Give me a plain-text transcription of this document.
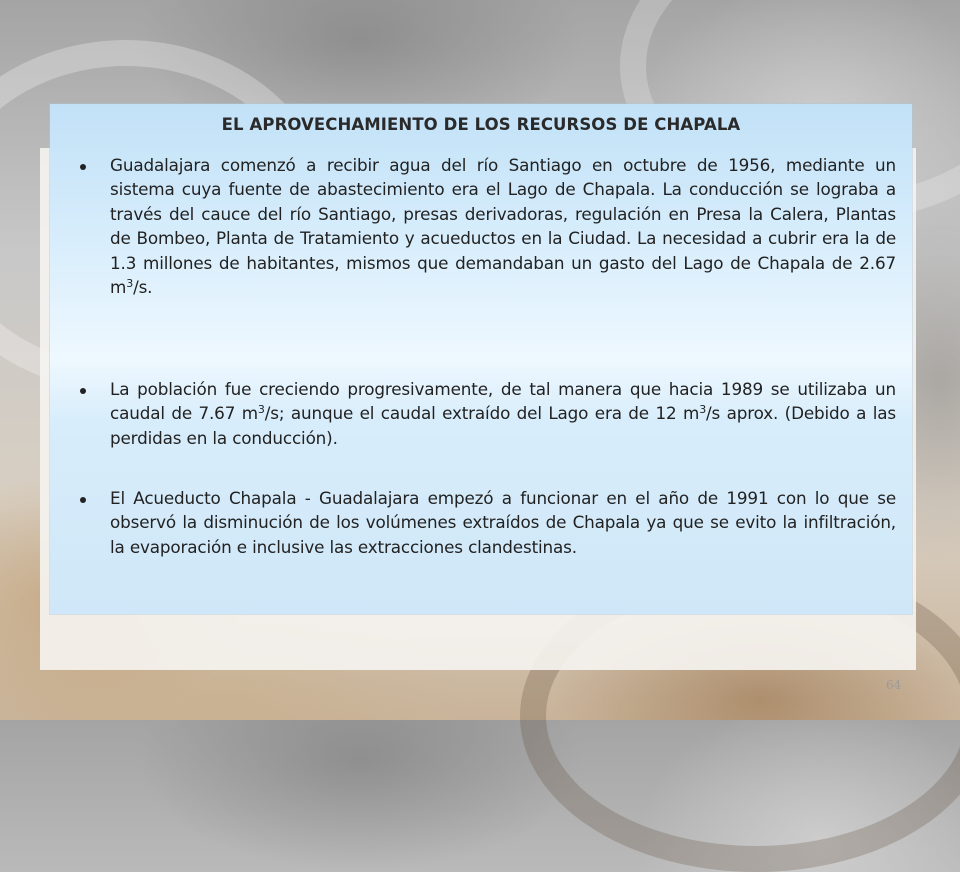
EL APROVECHAMIENTO DE LOS RECURSOS DE CHAPALA

Guadalajara comenzó a recibir agua del río Santiago en octubre de 1956, mediante un sistema cuya fuente de abastecimiento era el Lago de Chapala. La conducción se lograba a través del cauce del río Santiago, presas derivadoras, regulación en Presa la Calera, Plantas de Bombeo, Planta de Tratamiento y acueductos en la Ciudad. La necesidad a cubrir era la de 1.3 millones de habitantes, mismos que demandaban un gasto del Lago de Chapala de 2.67 $m^3/s$.

La población fue creciendo progresivamente, de tal manera que hacia 1989 se utilizaba un caudal de 7.67 $m^3/s$; aunque el caudal extraído del Lago era de 12 $m^3/s$ aprox. (Debido a las perdidas en la conducción).

El Acueducto Chapala - Guadalajara empezó a funcionar en el año de 1991 con lo que se observó la disminución de los volúmenes extraídos de Chapala ya que se evito la infiltración, la evaporación e inclusive las extracciones clandestinas.

64
